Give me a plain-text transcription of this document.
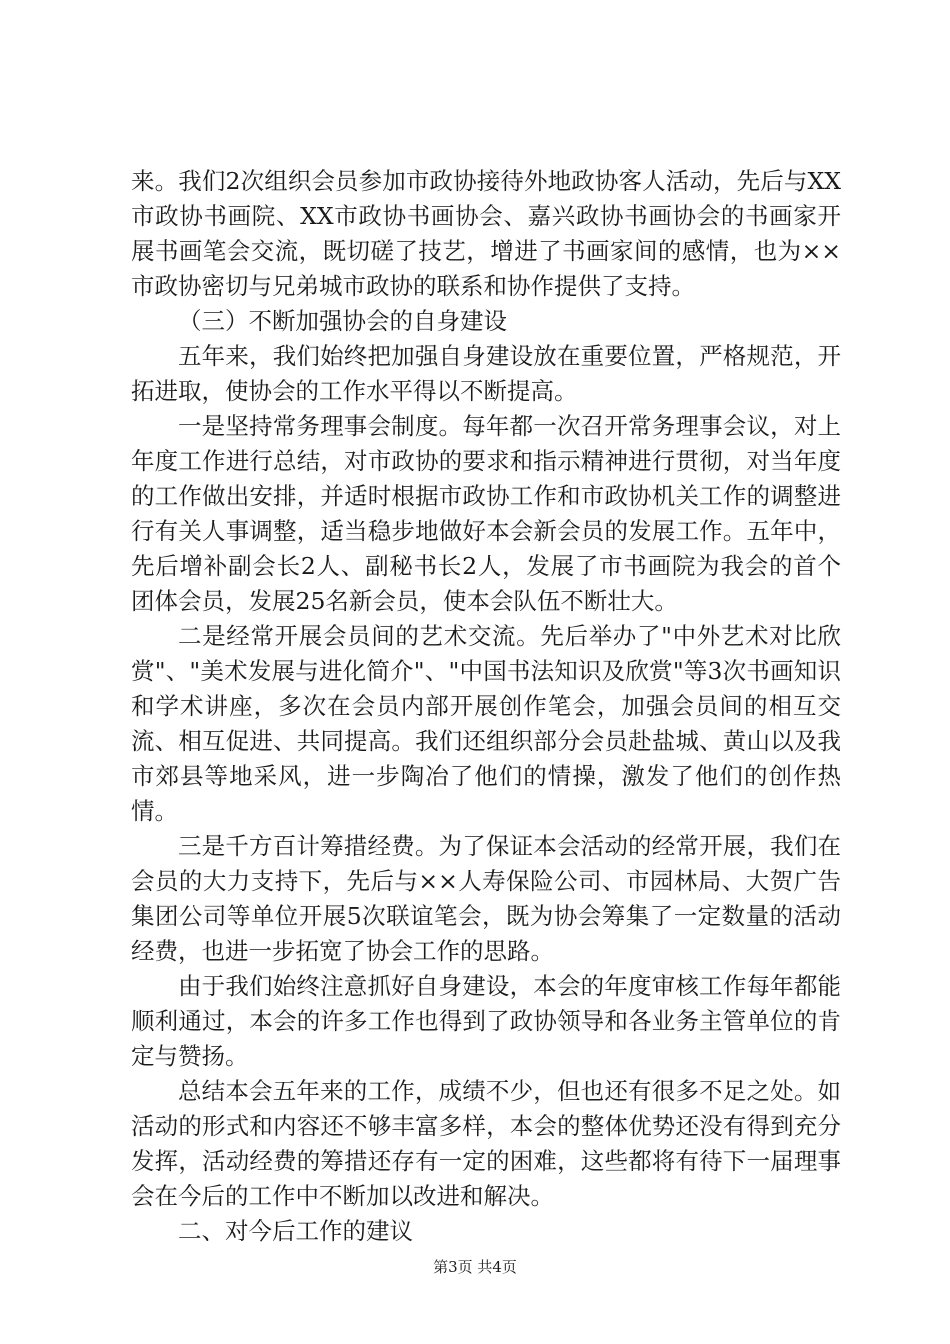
来。我们2次组织会员参加市政协接待外地政协客人活动，先后与XX市政协书画院、XX市政协书画协会、嘉兴政协书画协会的书画家开展书画笔会交流，既切磋了技艺，增进了书画家间的感情，也为××市政协密切与兄弟城市政协的联系和协作提供了支持。

（三）不断加强协会的自身建设

五年来，我们始终把加强自身建设放在重要位置，严格规范，开拓进取，使协会的工作水平得以不断提高。

一是坚持常务理事会制度。每年都一次召开常务理事会议，对上年度工作进行总结，对市政协的要求和指示精神进行贯彻，对当年度的工作做出安排，并适时根据市政协工作和市政协机关工作的调整进行有关人事调整，适当稳步地做好本会新会员的发展工作。五年中，先后增补副会长2人、副秘书长2人，发展了市书画院为我会的首个团体会员，发展25名新会员，使本会队伍不断壮大。

二是经常开展会员间的艺术交流。先后举办了"中外艺术对比欣赏"、"美术发展与进化简介"、"中国书法知识及欣赏"等3次书画知识和学术讲座，多次在会员内部开展创作笔会，加强会员间的相互交流、相互促进、共同提高。我们还组织部分会员赴盐城、黄山以及我市郊县等地采风，进一步陶冶了他们的情操，激发了他们的创作热情。

三是千方百计筹措经费。为了保证本会活动的经常开展，我们在会员的大力支持下，先后与××人寿保险公司、市园林局、大贺广告集团公司等单位开展5次联谊笔会，既为协会筹集了一定数量的活动经费，也进一步拓宽了协会工作的思路。

由于我们始终注意抓好自身建设，本会的年度审核工作每年都能顺利通过，本会的许多工作也得到了政协领导和各业务主管单位的肯定与赞扬。

总结本会五年来的工作，成绩不少，但也还有很多不足之处。如活动的形式和内容还不够丰富多样，本会的整体优势还没有得到充分发挥，活动经费的筹措还存有一定的困难，这些都将有待下一届理事会在今后的工作中不断加以改进和解决。

二、对今后工作的建议

第3页 共4页
